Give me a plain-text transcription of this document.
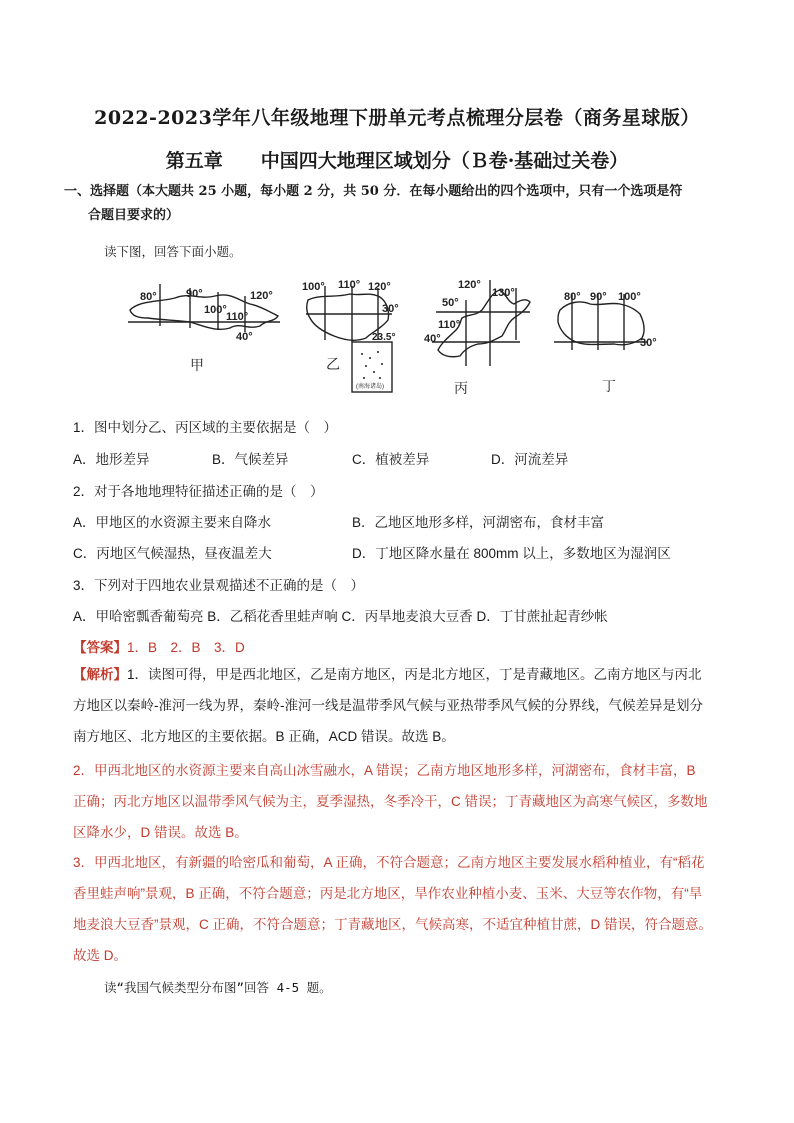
2022-2023学年八年级地理下册单元考点梳理分层卷（商务星球版）
第五章　　中国四大地理区域划分（Ｂ卷·基础过关卷）
一、选择题（本大题共 25 小题，每小题 2 分，共 50 分．在每小题给出的四个选项中，只有一个选项是符
合题目要求的）
读下图，回答下面小题。
80°	90°
100°
110°
120°
40°
甲
100° 110° 120°
30°
23.5°
(南海诸岛)
乙
120°
130°
110°
50°
40°
丙
80° 90° 100°
30°
丁
1．图中划分乙、丙区域的主要依据是（　）
A．地形差异	B．气候差异	C．植被差异	D．河流差异
2．对于各地地理特征描述正确的是（　）
A．甲地区的水资源主要来自降水	B．乙地区地形多样，河湖密布，食材丰富
C．丙地区气候湿热，昼夜温差大	D．丁地区降水量在 800mm 以上，多数地区为湿润区
3．下列对于四地农业景观描述不正确的是（　）
A．甲哈密瓢香葡萄亮 B．乙稻花香里蛙声响 C．丙旱地麦浪大豆香 D．丁甘蔗扯起青纱帐
【答案】1．B　2．B　3．D
【解析】1．读图可得，甲是西北地区，乙是南方地区，丙是北方地区，丁是青藏地区。乙南方地区与丙北
方地区以秦岭-淮河一线为界，秦岭-淮河一线是温带季风气候与亚热带季风气候的分界线，气候差异是划分
南方地区、北方地区的主要依据。B 正确，ACD 错误。故选 B。
2．甲西北地区的水资源主要来自高山冰雪融水，A 错误；乙南方地区地形多样，河湖密布，食材丰富，B
正确；丙北方地区以温带季风气候为主，夏季湿热，冬季冷干，C 错误；丁青藏地区为高寒气候区，多数地
区降水少，D 错误。故选 B。
3．甲西北地区，有新疆的哈密瓜和葡萄，A 正确，不符合题意；乙南方地区主要发展水稻种植业，有“稻花
香里蛙声响”景观，B 正确，不符合题意；丙是北方地区，旱作农业种植小麦、玉米、大豆等农作物，有“旱
地麦浪大豆香”景观，C 正确，不符合题意；丁青藏地区，气候高寒，不适宜种植甘蔗，D 错误，符合题意。
故选 D。
读“我国气候类型分布图”回答 4-5 题。
